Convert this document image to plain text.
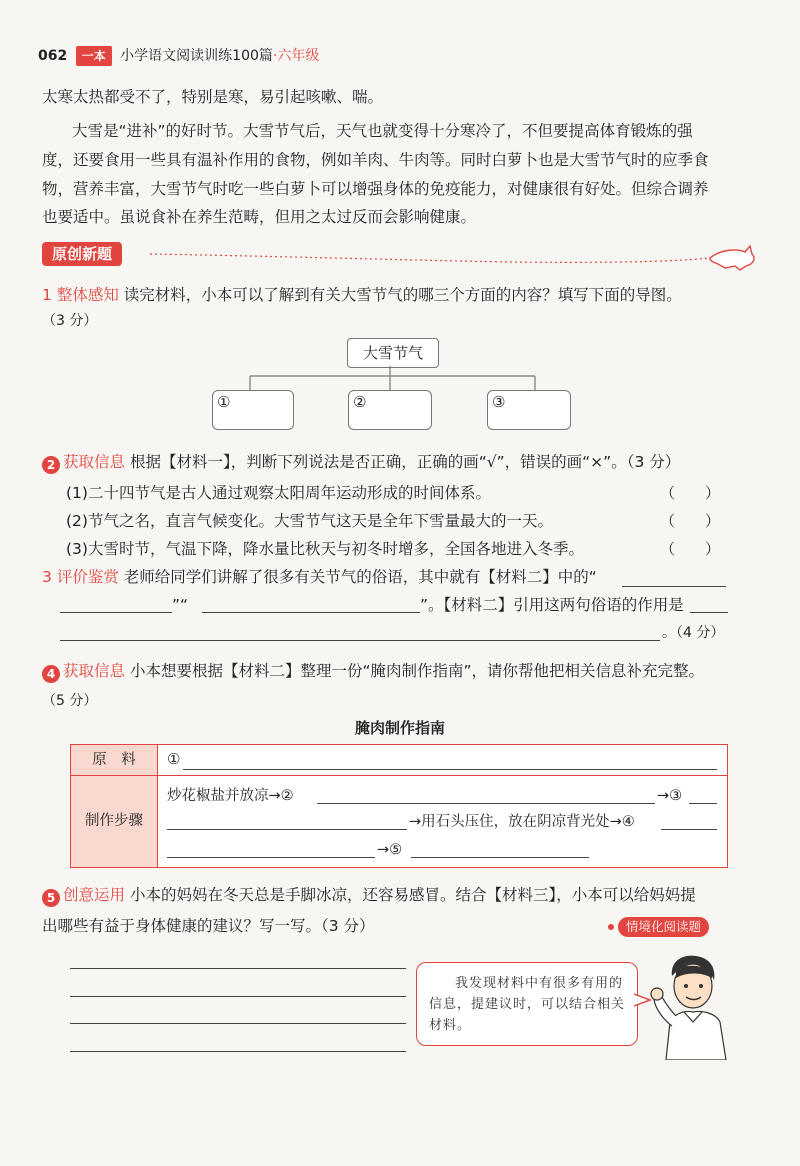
062 一本 小学语文阅读训练100篇·六年级
太寒太热都受不了，特别是寒，易引起咳嗽、喘。
大雪是“进补”的好时节。大雪节气后，天气也就变得十分寒冷了，不但要提高体育锻炼的强
度，还要食用一些具有温补作用的食物，例如羊肉、牛肉等。同时白萝卜也是大雪节气时的应季食
物，营养丰富，大雪节气时吃一些白萝卜可以增强身体的免疫能力，对健康很有好处。但综合调养
也要适中。虽说食补在养生范畴，但用之太过反而会影响健康。
原创新题
1 整体感知 读完材料，小本可以了解到有关大雪节气的哪三个方面的内容？填写下面的导图。
（3 分）
大雪节气
①	②	③
2 获取信息 根据【材料一】，判断下列说法是否正确，正确的画“√”，错误的画“×”。（3 分）
(1)二十四节气是古人通过观察太阳周年运动形成的时间体系。	（　　）
(2)节气之名，直言气候变化。大雪节气这天是全年下雪量最大的一天。	（　　）
(3)大雪时节，气温下降，降水量比秋天与初冬时增多，全国各地进入冬季。	（　　）
3 评价鉴赏 老师给同学们讲解了很多有关节气的俗语，其中就有【材料二】中的“
”“	”。【材料二】引用这两句俗语的作用是
。（4 分）
4 获取信息 小本想要根据【材料二】整理一份“腌肉制作指南”，请你帮他把相关信息补充完整。
（5 分）
腌肉制作指南
原　料	①
制作步骤
炒花椒盐并放凉→②	→③
→用石头压住，放在阴凉背光处→④
→⑤
5 创意运用 小本的妈妈在冬天总是手脚冰凉，还容易感冒。结合【材料三】，小本可以给妈妈提
出哪些有益于身体健康的建议？写一写。（3 分）	情境化阅读题
我发现材料中有很多有用的信息，提建议时，可以结合相关材料。
